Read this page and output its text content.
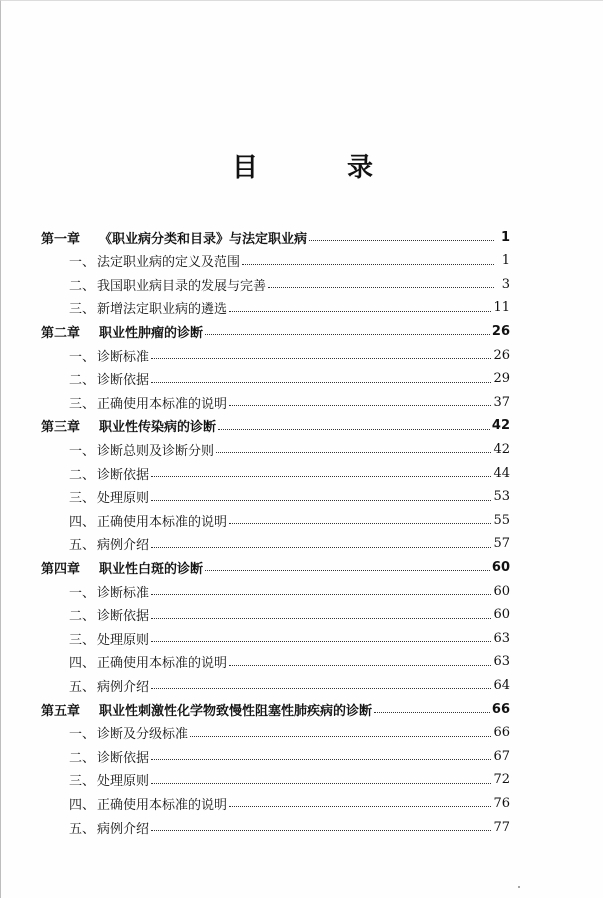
目 录
第一章	《职业病分类和目录》与法定职业病	1
一、 法定职业病的定义及范围	1
二、 我国职业病目录的发展与完善	3
三、 新增法定职业病的遴选	11
第二章	职业性肿瘤的诊断	26
一、 诊断标准	26
二、 诊断依据	29
三、 正确使用本标准的说明	37
第三章	职业性传染病的诊断	42
一、 诊断总则及诊断分则	42
二、 诊断依据	44
三、 处理原则	53
四、 正确使用本标准的说明	55
五、 病例介绍	57
第四章	职业性白斑的诊断	60
一、 诊断标准	60
二、 诊断依据	60
三、 处理原则	63
四、 正确使用本标准的说明	63
五、 病例介绍	64
第五章	职业性刺激性化学物致慢性阻塞性肺疾病的诊断	66
一、 诊断及分级标准	66
二、 诊断依据	67
三、 处理原则	72
四、 正确使用本标准的说明	76
五、 病例介绍	77
